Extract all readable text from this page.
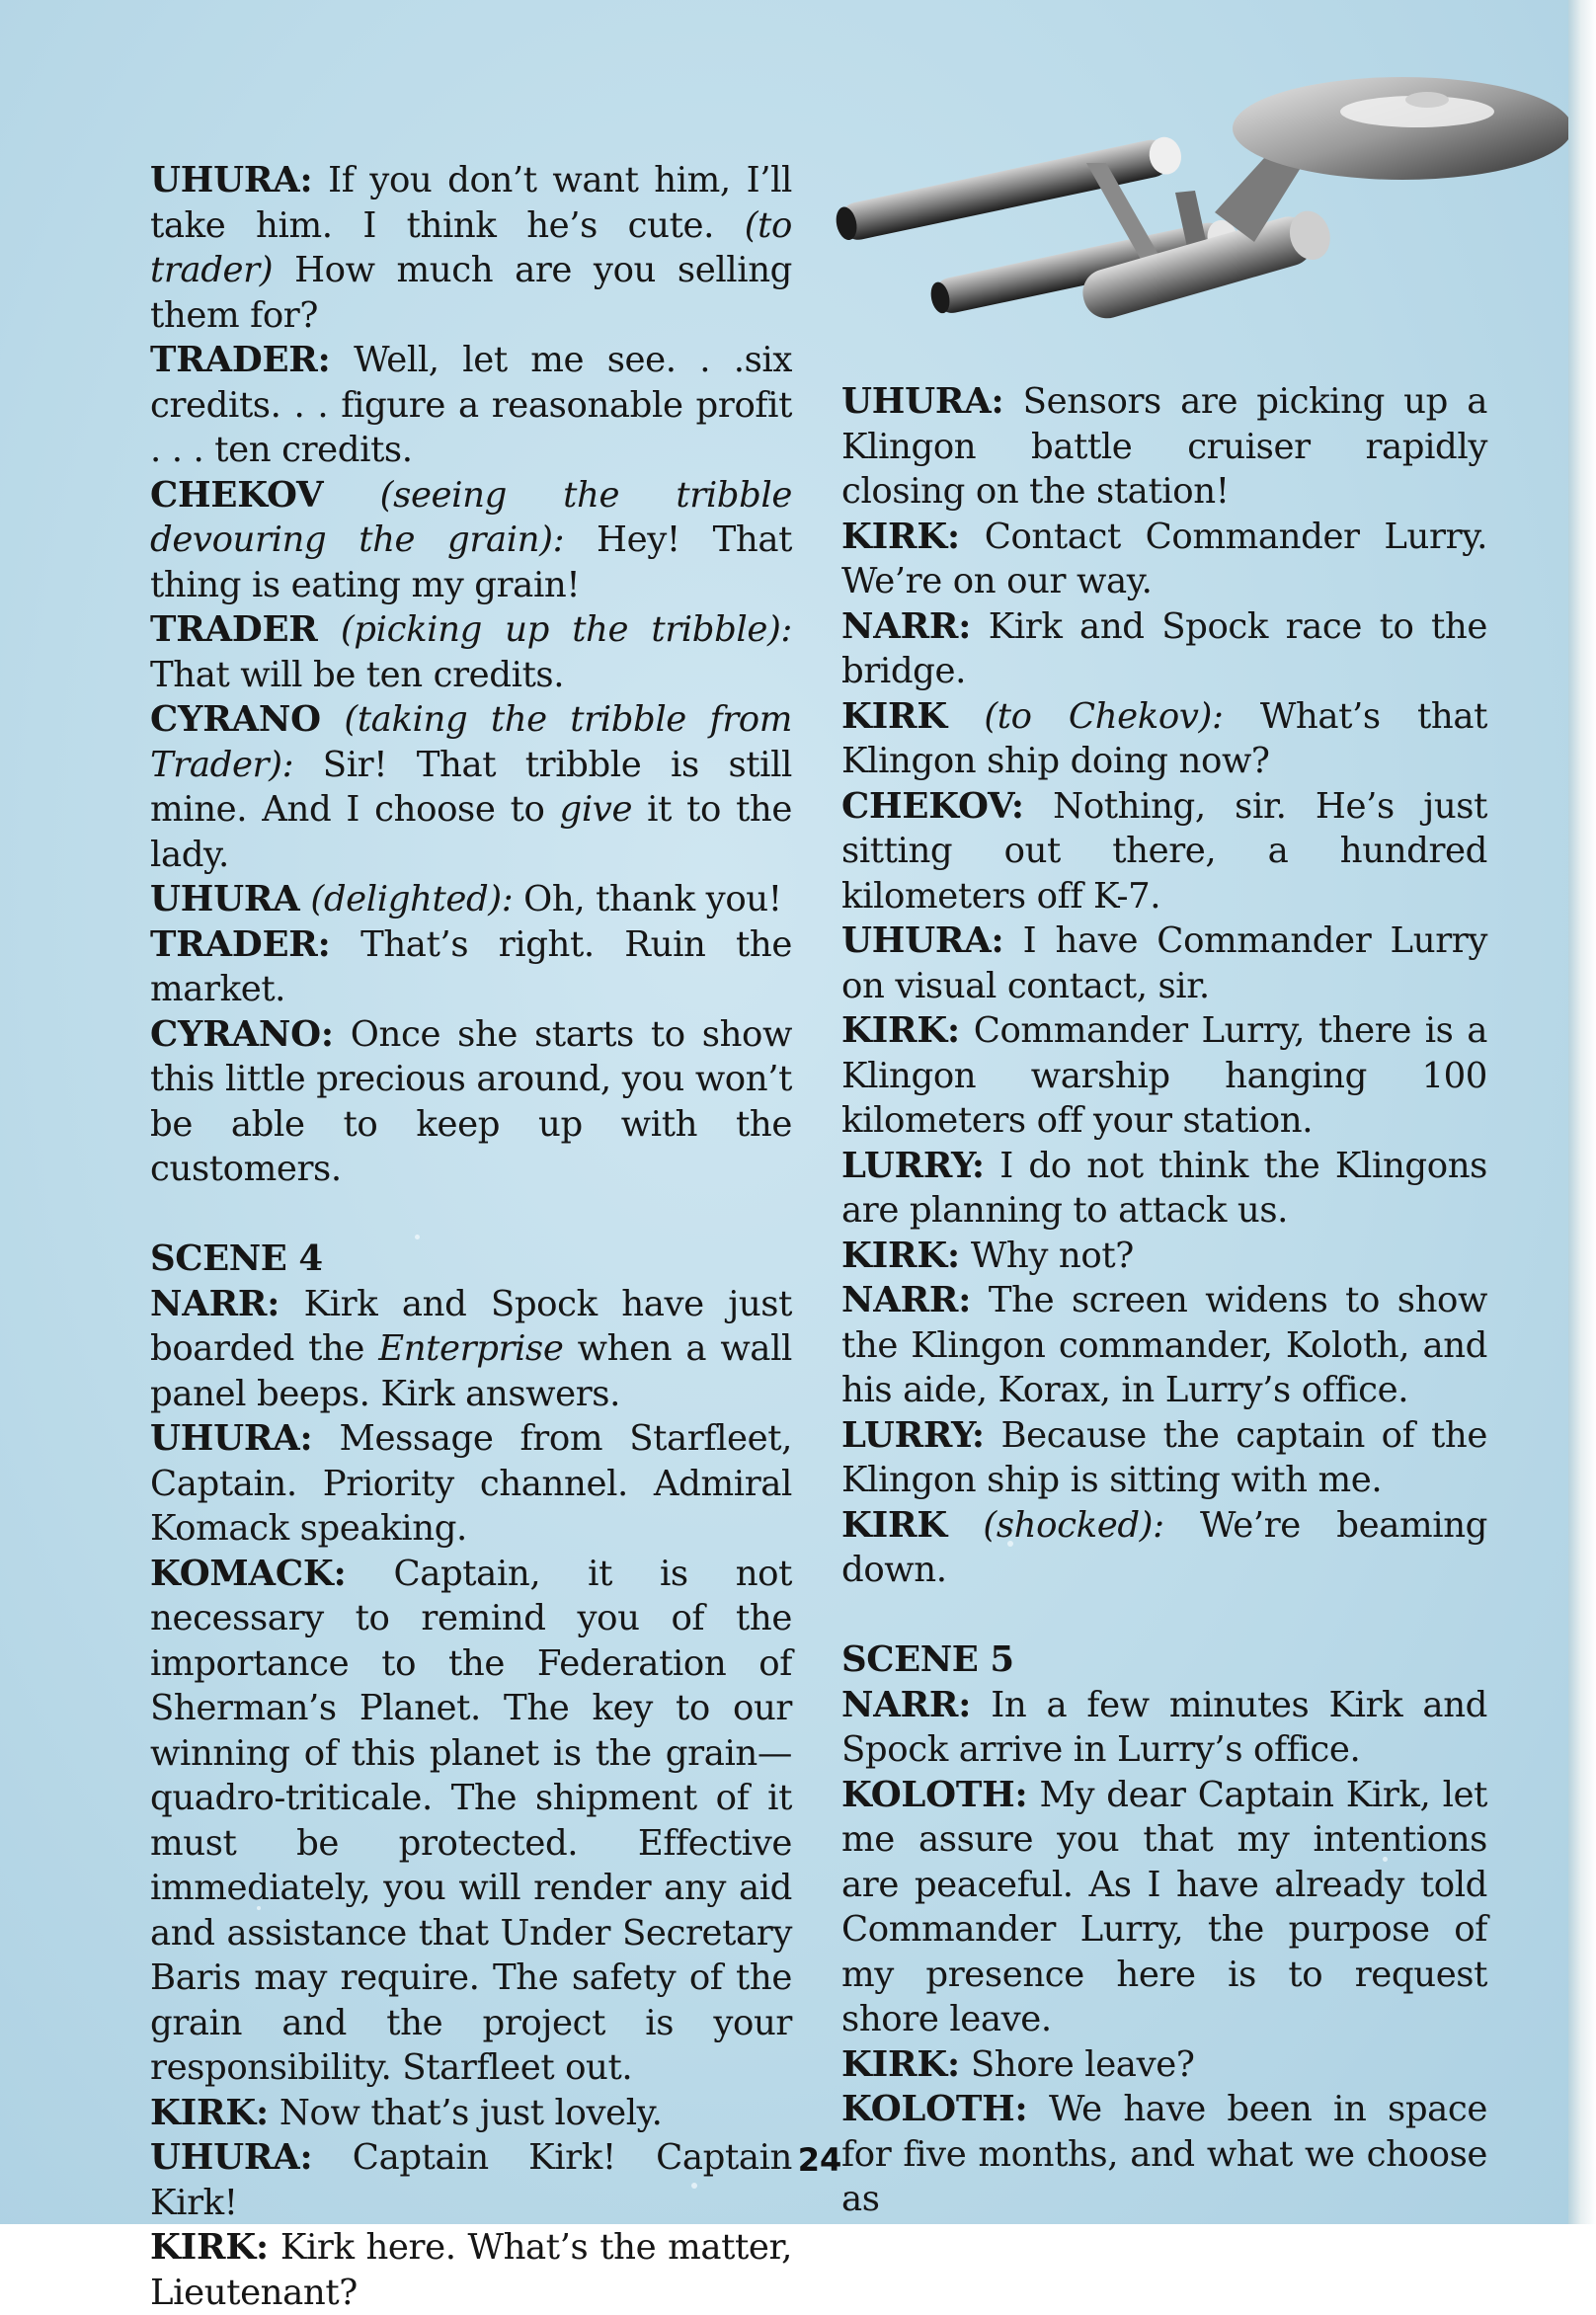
UHURA: If you don’t want him, I’ll take him. I think he’s cute. (to trader) How much are you selling them for?

TRADER: Well, let me see. . .six credits. . . figure a reasonable profit . . . ten credits.

CHEKOV (seeing the tribble devouring the grain): Hey! That thing is eating my grain!

TRADER (picking up the tribble): That will be ten credits.

CYRANO (taking the tribble from Trader): Sir! That tribble is still mine. And I choose to give it to the lady.

UHURA (delighted): Oh, thank you!

TRADER: That’s right. Ruin the market.

CYRANO: Once she starts to show this little precious around, you won’t be able to keep up with the customers.

SCENE 4

NARR: Kirk and Spock have just boarded the Enterprise when a wall panel beeps. Kirk answers.

UHURA: Message from Starfleet, Captain. Priority channel. Admiral Komack speaking.

KOMACK: Captain, it is not necessary to remind you of the importance to the Federation of Sherman’s Planet. The key to our winning of this planet is the grain—quadro-triticale. The shipment of it must be protected. Effective immediately, you will render any aid and assistance that Under Secretary Baris may require. The safety of the grain and the project is your responsibility. Starfleet out.

KIRK: Now that’s just lovely.

UHURA: Captain Kirk! Captain Kirk!

KIRK: Kirk here. What’s the matter, Lieutenant?

UHURA: Sensors are picking up a Klingon battle cruiser rapidly closing on the station!

KIRK: Contact Commander Lurry. We’re on our way.

NARR: Kirk and Spock race to the bridge.

KIRK (to Chekov): What’s that Klingon ship doing now?

CHEKOV: Nothing, sir. He’s just sitting out there, a hundred kilometers off K-7.

UHURA: I have Commander Lurry on visual contact, sir.

KIRK: Commander Lurry, there is a Klingon warship hanging 100 kilometers off your station.

LURRY: I do not think the Klingons are planning to attack us.

KIRK: Why not?

NARR: The screen widens to show the Klingon commander, Koloth, and his aide, Korax, in Lurry’s office.

LURRY: Because the captain of the Klingon ship is sitting with me.

KIRK (shocked): We’re beaming down.

SCENE 5

NARR: In a few minutes Kirk and Spock arrive in Lurry’s office.

KOLOTH: My dear Captain Kirk, let me assure you that my intentions are peaceful. As I have already told Commander Lurry, the purpose of my presence here is to request shore leave.

KIRK: Shore leave?

KOLOTH: We have been in space for five months, and what we choose as

24
